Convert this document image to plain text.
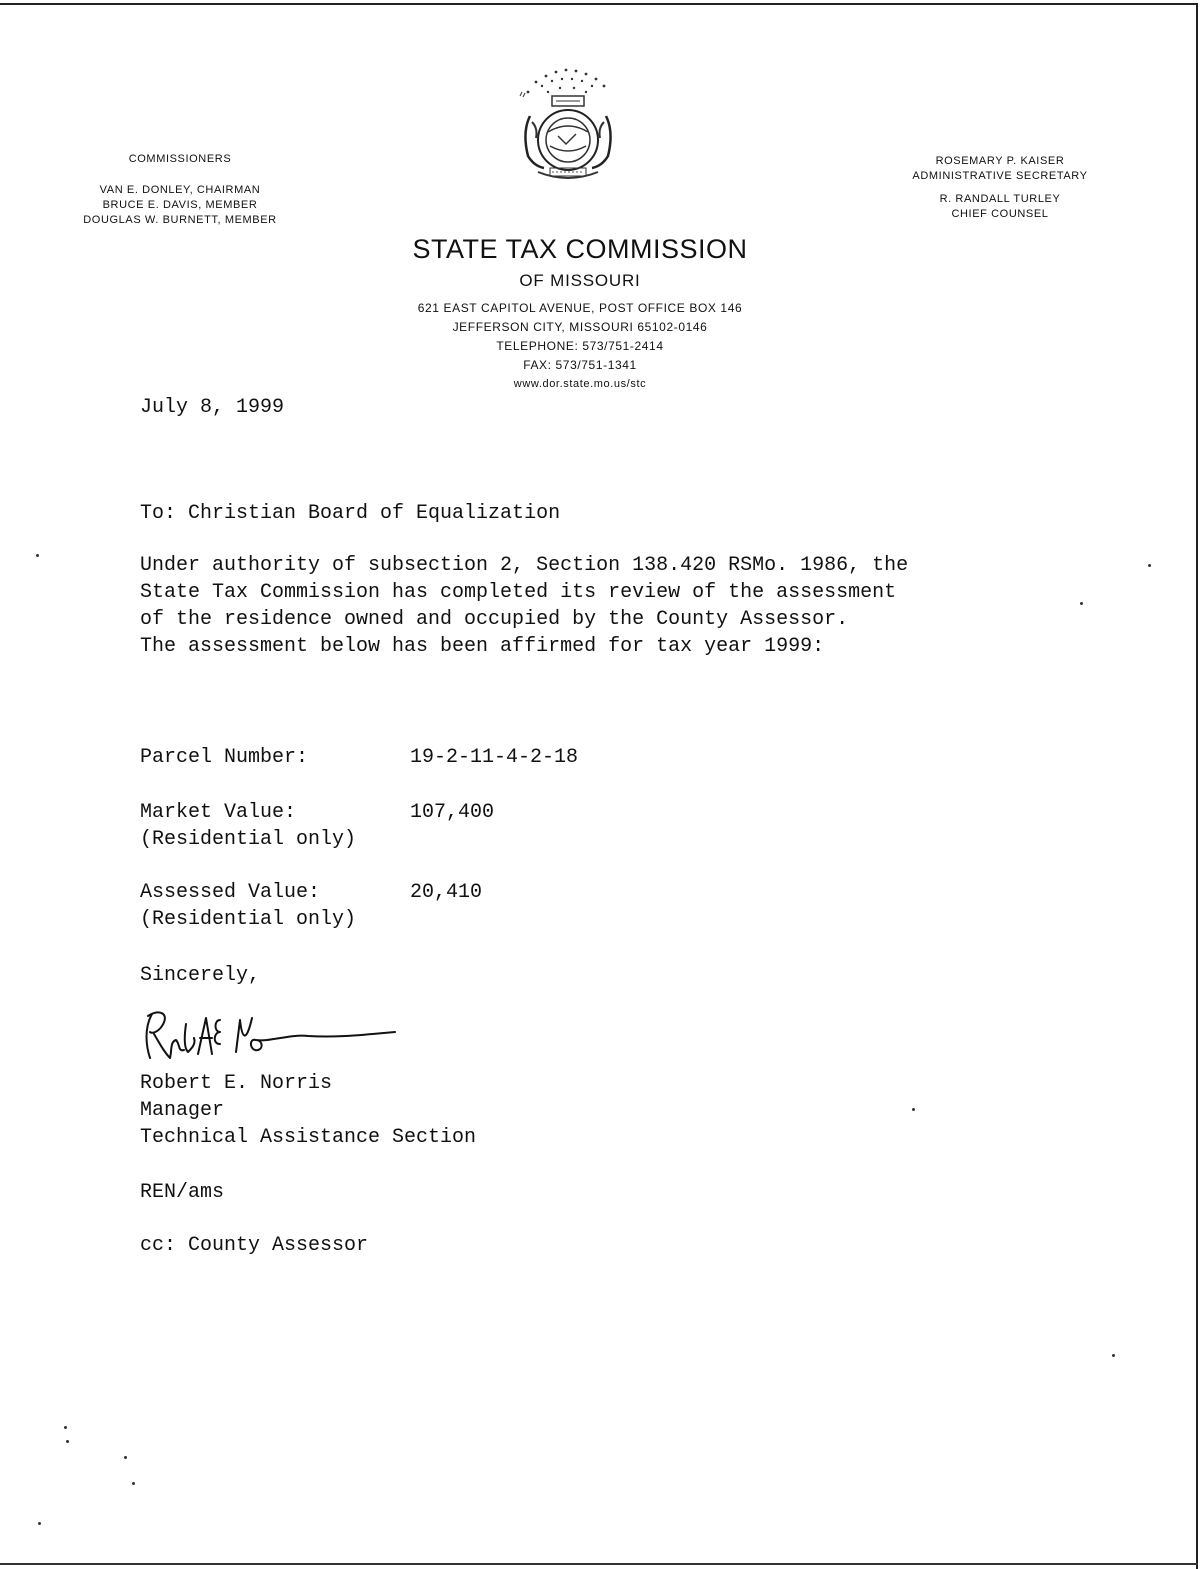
COMMISSIONERS
VAN E. DONLEY, CHAIRMAN
BRUCE E. DAVIS, MEMBER
DOUGLAS W. BURNETT, MEMBER
ROSEMARY P. KAISER
ADMINISTRATIVE SECRETARY
R. RANDALL TURLEY
CHIEF COUNSEL
STATE TAX COMMISSION
OF MISSOURI
621 EAST CAPITOL AVENUE, POST OFFICE BOX 146
JEFFERSON CITY, MISSOURI 65102-0146
TELEPHONE: 573/751-2414
FAX: 573/751-1341
www.dor.state.mo.us/stc
July 8, 1999
To: Christian Board of Equalization
Under authority of subsection 2, Section 138.420 RSMo. 1986, the
State Tax Commission has completed its review of the assessment
of the residence owned and occupied by the County Assessor.
The assessment below has been affirmed for tax year 1999:
Parcel Number:	19-2-11-4-2-18
Market Value:	107,400
(Residential only)
Assessed Value:	20,410
(Residential only)
Sincerely,
Robert E. Norris
Manager
Technical Assistance Section
REN/ams
cc: County Assessor
